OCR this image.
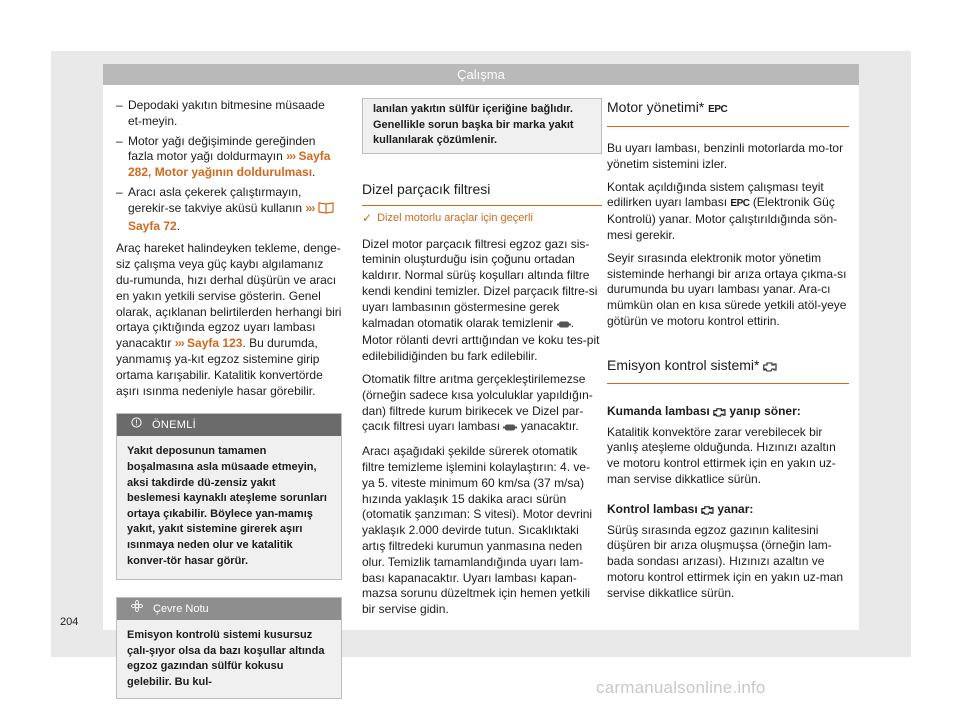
Çalışma
– Depodaki yakıtın bitmesine müsaade et-meyin.
– Motor yağı değişiminde gereğinden fazla motor yağı doldurmayın ››› Sayfa 282, Motor yağının doldurulması.
– Aracı asla çekerek çalıştırmayın, gerekir-se takviye aküsü kullanın ›››  Sayfa 72.

Araç hareket halindeyken tekleme, denge-siz çalışma veya güç kaybı algılamanız du-rumunda, hızı derhal düşürün ve aracı en yakın yetkili servise gösterin. Genel olarak, açıklanan belirtilerden herhangi biri ortaya çıktığında egzoz uyarı lambası yanacaktır ››› Sayfa 123. Bu durumda, yanmamış ya-kıt egzoz sistemine girip ortama karışabilir. Katalitik konvertörde aşırı ısınma nedeniyle hasar görebilir.

ÖNEMLİ
Yakıt deposunun tamamen boşalmasına asla müsaade etmeyin, aksi takdirde dü-zensiz yakıt beslemesi kaynaklı ateşleme sorunları ortaya çıkabilir. Böylece yan-mamış yakıt, yakıt sistemine girerek aşırı ısınmaya neden olur ve katalitik konver-tör hasar görür.
Çevre Notu
Emisyon kontrolü sistemi kusursuz çalı-şıyor olsa da bazı koşullar altında egzoz gazından sülfür kokusu gelebilir. Bu kul-
lanılan yakıtın sülfür içeriğine bağlıdır. Genellikle sorun başka bir marka yakıt kullanılarak çözümlenir.
Dizel parçacık filtresi
✓ Dizel motorlu araçlar için geçerli

Dizel motor parçacık filtresi egzoz gazı sis-teminin oluşturduğu isin çoğunu ortadan kaldırır. Normal sürüş koşulları altında filtre kendi kendini temizler. Dizel parçacık filtre-si uyarı lambasının göstermesine gerek kalmadan otomatik olarak temizlenir . Motor rölanti devri arttığından ve koku tes-pit edilebilidiğinden bu fark edilebilir.

Otomatik filtre arıtma gerçekleştirilemezse (örneğin sadece kısa yolculuklar yapıldığın-dan) filtrede kurum birikecek ve Dizel par-çacık filtresi uyarı lambası yanacaktır.

Aracı aşağıdaki şekilde sürerek otomatik filtre temizleme işlemini kolaylaştırın: 4. ve-ya 5. viteste minimum 60 km/sa (37 m/sa) hızında yaklaşık 15 dakika aracı sürün (otomatik şanzıman: S vitesi). Motor devrini yaklaşık 2.000 devirde tutun. Sıcaklıktaki artış filtredeki kurumun yanmasına neden olur. Temizlik tamamlandığında uyarı lam-bası kapanacaktır. Uyarı lambası kapan-mazsa sorunu düzeltmek için hemen yetkili bir servise gidin.

Motor yönetimi* EPC

Bu uyarı lambası, benzinli motorlarda mo-tor yönetim sistemini izler.

Kontak açıldığında sistem çalışması teyit edilirken uyarı lambası EPC (Elektronik Güç Kontrolü) yanar. Motor çalıştırıldığında sön-mesi gerekir.

Seyir sırasında elektronik motor yönetim sisteminde herhangi bir arıza ortaya çıkma-sı durumunda bu uyarı lambası yanar. Ara-cı mümkün olan en kısa sürede yetkili atöl-yeye götürün ve motoru kontrol ettirin.

Emisyon kontrol sistemi*

Kumanda lambası yanıp söner:

Katalitik konvektöre zarar verebilecek bir yanlış ateşleme olduğunda. Hızınızı azaltın ve motoru kontrol ettirmek için en yakın uz-man servise dikkatlice sürün.

Kontrol lambası yanar:

Sürüş sırasında egzoz gazının kalitesini düşüren bir arıza oluşmuşsa (örneğin lam-bada sondası arızası). Hızınızı azaltın ve motoru kontrol ettirmek için en yakın uz-man servise dikkatlice sürün.

204
carmanualsonline.info
